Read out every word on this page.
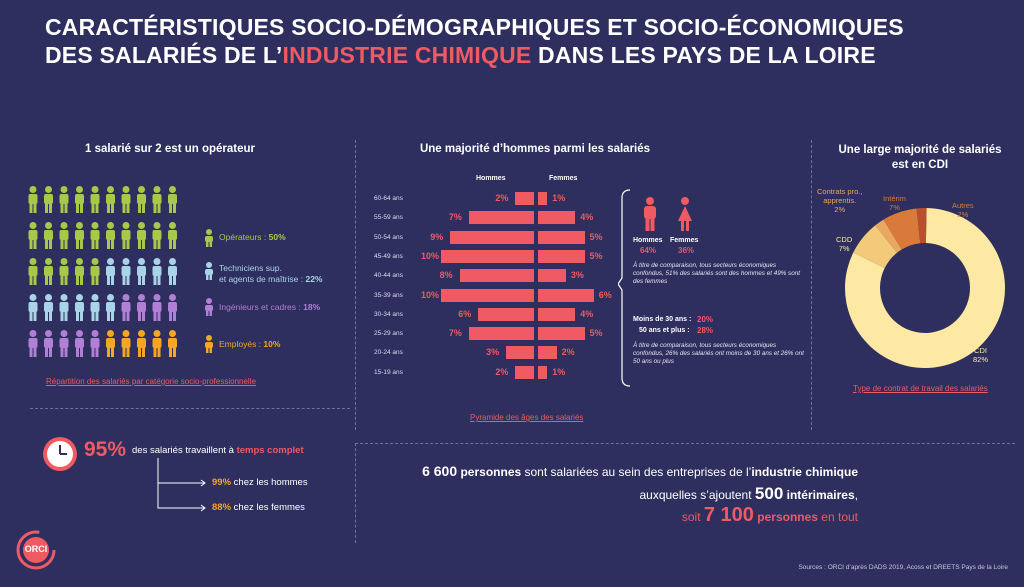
CARACTÉRISTIQUES SOCIO-DÉMOGRAPHIQUES ET SOCIO-ÉCONOMIQUES
DES SALARIÉS DE L’INDUSTRIE CHIMIQUE DANS LES PAYS DE LA LOIRE
1 salarié sur 2 est un opérateur
Opérateurs : 50%
Techniciens sup.
et agents de maîtrise : 22%
Ingénieurs et cadres : 18%
Employés : 10%
Répartition des salariés par catégorie socio-professionnelle
Une majorité d’hommes parmi les salariés
Hommes	Femmes
60-64 ans	2%	1%
55-59 ans	7%	4%
50-54 ans	9%	5%
45-49 ans	10%	5%
40-44 ans	8%	3%
35-39 ans	10%	6%
30-34 ans	6%	4%
25-29 ans	7%	5%
20-24 ans	3%	2%
15-19 ans	2%	1%
Hommes Femmes
64%	36%
À titre de comparaison, tous secteurs économiques confondus, 51% des salariés sont des hommes et 49% sont des femmes
Moins de 30 ans : 20%
50 ans et plus : 28%
À titre de comparaison, tous secteurs économiques confondus, 26% des salariés ont moins de 30 ans et 26% ont 50 ans ou plus
Pyramide des âges des salariés
Une large majorité de salariés
est en CDI
Contrats pro.,
apprentis.
2%
Intérim
7%	Autres
2%
CDD
7%
CDI
82%
Type de contrat de travail des salariés
95% des salariés travaillent à temps complet
99% chez les hommes
88% chez les femmes
6 600 personnes sont salariées au sein des entreprises de l’industrie chimique
auxquelles s’ajoutent 500 intérimaires,
soit 7 100 personnes en tout
ORCI
Sources : ORCI d’après DADS 2019, Acoss et DREETS Pays de la Loire
